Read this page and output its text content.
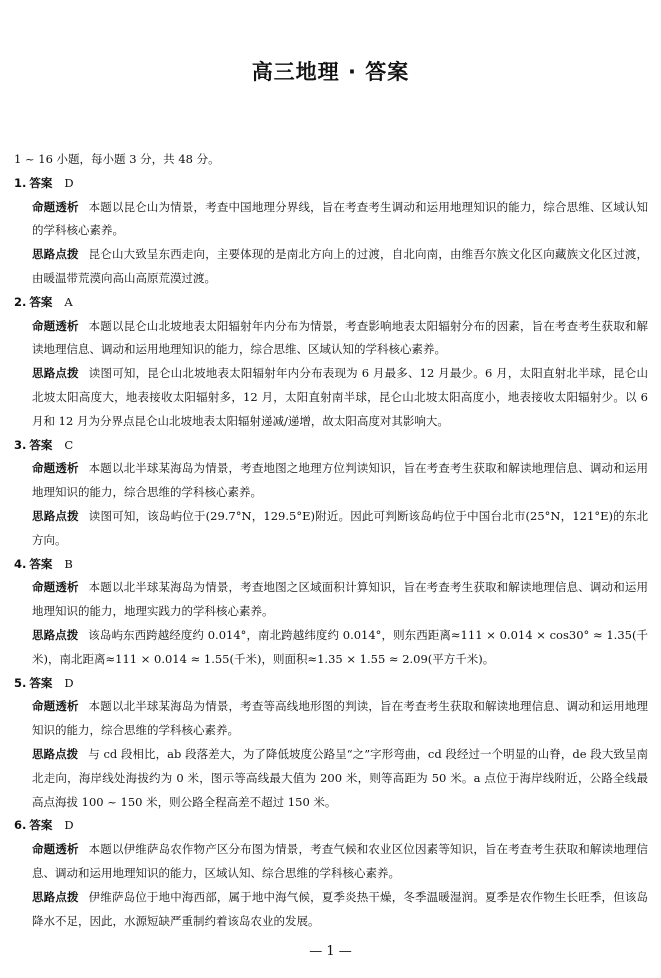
高三地理 · 答案

1 ~ 16 小题，每小题 3 分，共 48 分。

1. 答案 D

命题透析 本题以昆仑山为情景，考查中国地理分界线，旨在考查考生调动和运用地理知识的能力，综合思维、区域认知的学科核心素养。

思路点拨 昆仑山大致呈东西走向，主要体现的是南北方向上的过渡，自北向南，由维吾尔族文化区向藏族文化区过渡，由暖温带荒漠向高山高原荒漠过渡。

2. 答案 A

命题透析 本题以昆仑山北坡地表太阳辐射年内分布为情景，考查影响地表太阳辐射分布的因素，旨在考查考生获取和解读地理信息、调动和运用地理知识的能力，综合思维、区域认知的学科核心素养。

思路点拨 读图可知，昆仑山北坡地表太阳辐射年内分布表现为 6 月最多、12 月最少。6 月，太阳直射北半球，昆仑山北坡太阳高度大，地表接收太阳辐射多，12 月，太阳直射南半球，昆仑山北坡太阳高度小，地表接收太阳辐射少。以 6 月和 12 月为分界点昆仑山北坡地表太阳辐射递减/递增，故太阳高度对其影响大。

3. 答案 C

命题透析 本题以北半球某海岛为情景，考查地图之地理方位判读知识，旨在考查考生获取和解读地理信息、调动和运用地理知识的能力，综合思维的学科核心素养。

思路点拨 读图可知，该岛屿位于(29.7°N，129.5°E)附近。因此可判断该岛屿位于中国台北市(25°N，121°E)的东北方向。

4. 答案 B

命题透析 本题以北半球某海岛为情景，考查地图之区域面积计算知识，旨在考查考生获取和解读地理信息、调动和运用地理知识的能力，地理实践力的学科核心素养。

思路点拨 该岛屿东西跨越经度约 0.014°，南北跨越纬度约 0.014°，则东西距离≈111 × 0.014 × cos30° ≈ 1.35(千米)，南北距离≈111 × 0.014 ≈ 1.55(千米)，则面积≈1.35 × 1.55 ≈ 2.09(平方千米)。

5. 答案 D

命题透析 本题以北半球某海岛为情景，考查等高线地形图的判读，旨在考查考生获取和解读地理信息、调动和运用地理知识的能力，综合思维的学科核心素养。

思路点拨 与 cd 段相比，ab 段落差大，为了降低坡度公路呈“之”字形弯曲，cd 段经过一个明显的山脊，de 段大致呈南北走向，海岸线处海拔约为 0 米，图示等高线最大值为 200 米，则等高距为 50 米。a 点位于海岸线附近，公路全线最高点海拔 100 ~ 150 米，则公路全程高差不超过 150 米。

6. 答案 D

命题透析 本题以伊维萨岛农作物产区分布图为情景，考查气候和农业区位因素等知识，旨在考查考生获取和解读地理信息、调动和运用地理知识的能力，区域认知、综合思维的学科核心素养。

思路点拨 伊维萨岛位于地中海西部，属于地中海气候，夏季炎热干燥，冬季温暖湿润。夏季是农作物生长旺季，但该岛降水不足，因此，水源短缺严重制约着该岛农业的发展。

— 1 —
